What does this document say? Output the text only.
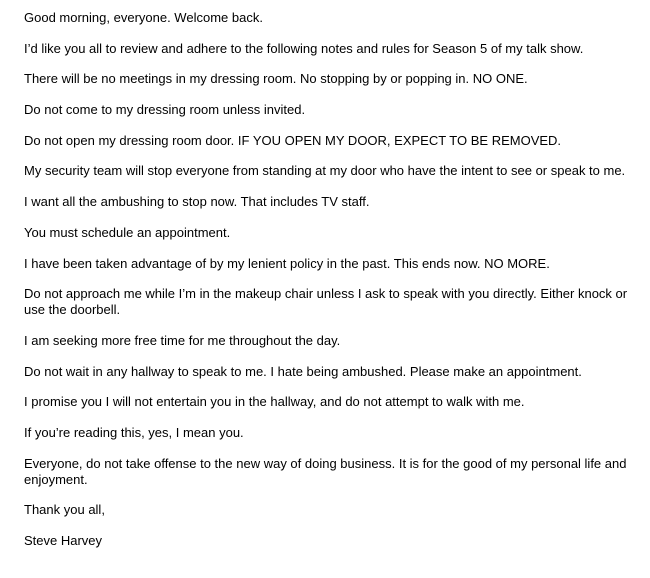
Good morning, everyone. Welcome back.

I’d like you all to review and adhere to the following notes and rules for Season 5 of my talk show.

There will be no meetings in my dressing room. No stopping by or popping in. NO ONE.

Do not come to my dressing room unless invited.

Do not open my dressing room door. IF YOU OPEN MY DOOR, EXPECT TO BE REMOVED.

My security team will stop everyone from standing at my door who have the intent to see or speak to me.

I want all the ambushing to stop now. That includes TV staff.

You must schedule an appointment.

I have been taken advantage of by my lenient policy in the past. This ends now. NO MORE.

Do not approach me while I’m in the makeup chair unless I ask to speak with you directly. Either knock or use the doorbell.

I am seeking more free time for me throughout the day.

Do not wait in any hallway to speak to me. I hate being ambushed. Please make an appointment.

I promise you I will not entertain you in the hallway, and do not attempt to walk with me.

If you’re reading this, yes, I mean you.

Everyone, do not take offense to the new way of doing business. It is for the good of my personal life and enjoyment.

Thank you all,

Steve Harvey
